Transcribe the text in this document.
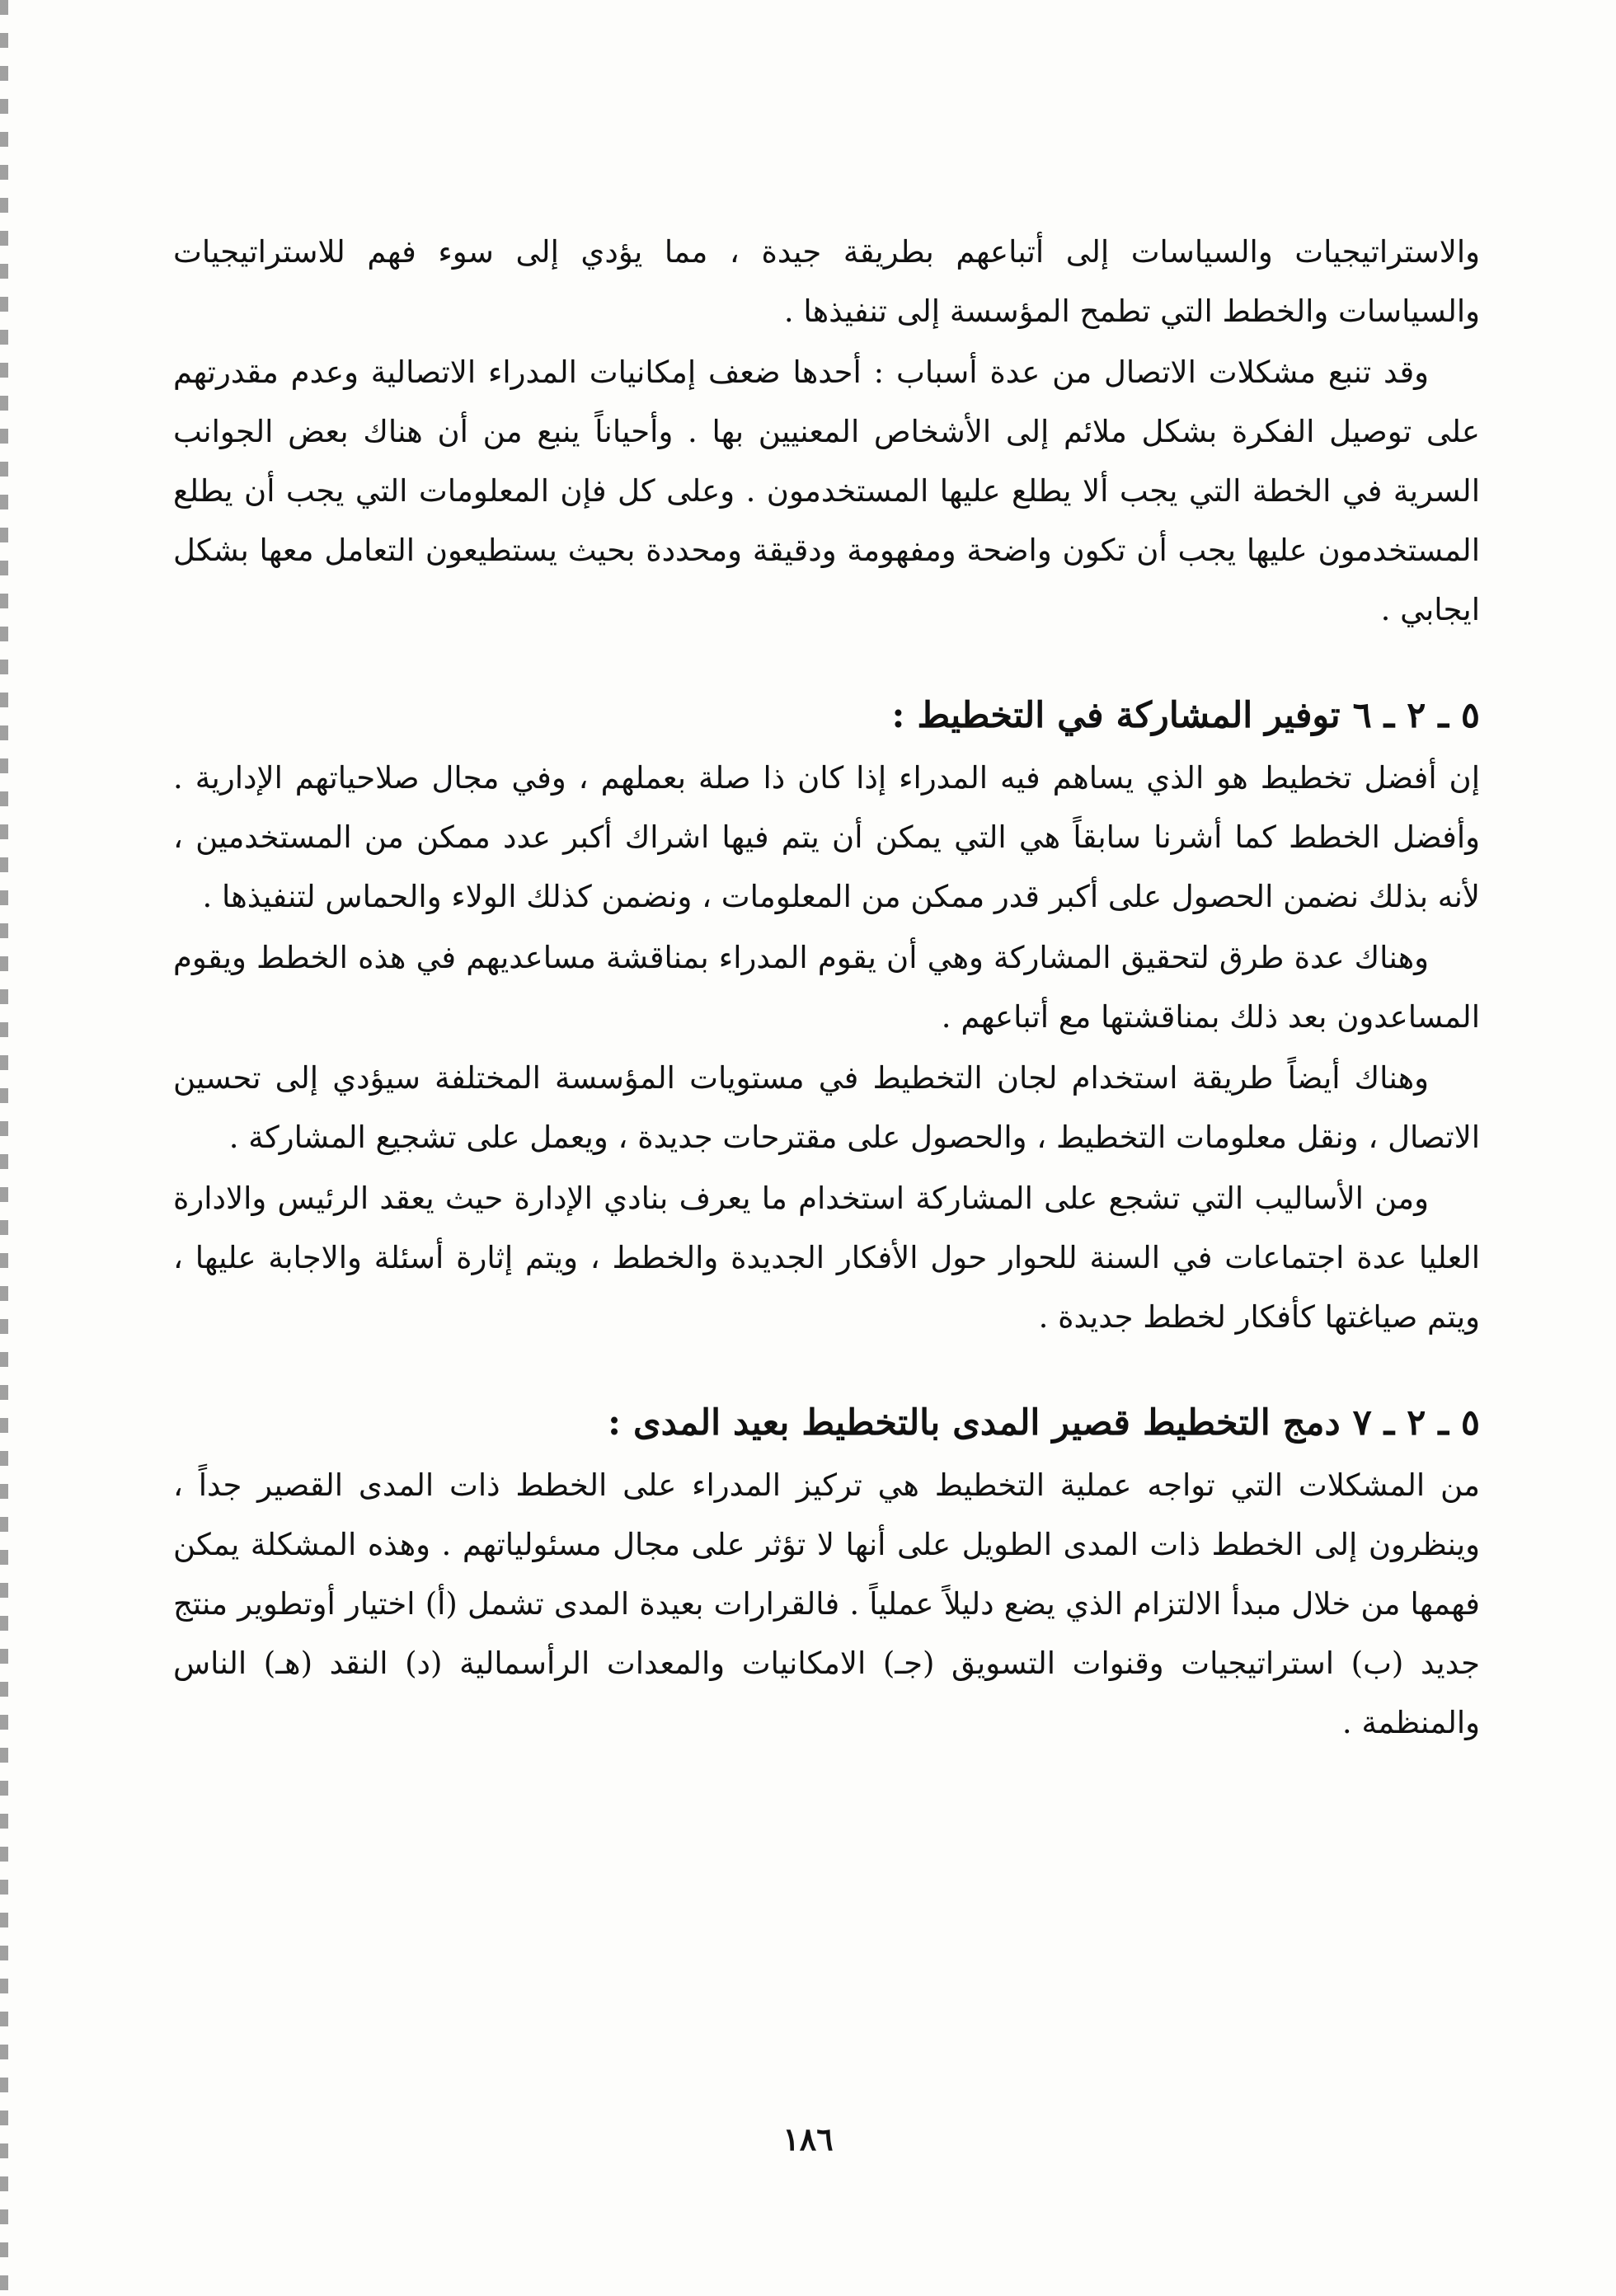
والاستراتيجيات والسياسات إلى أتباعهم بطريقة جيدة ، مما يؤدي إلى سوء فهم للاستراتيجيات والسياسات والخطط التي تطمح المؤسسة إلى تنفيذها .

وقد تنبع مشكلات الاتصال من عدة أسباب : أحدها ضعف إمكانيات المدراء الاتصالية وعدم مقدرتهم على توصيل الفكرة بشكل ملائم إلى الأشخاص المعنيين بها . وأحياناً ينبع من أن هناك بعض الجوانب السرية في الخطة التي يجب ألا يطلع عليها المستخدمون . وعلى كل فإن المعلومات التي يجب أن يطلع المستخدمون عليها يجب أن تكون واضحة ومفهومة ودقيقة ومحددة بحيث يستطيعون التعامل معها بشكل ايجابي .

٥ ـ ٢ ـ ٦ توفير المشاركة في التخطيط :

إن أفضل تخطيط هو الذي يساهم فيه المدراء إذا كان ذا صلة بعملهم ، وفي مجال صلاحياتهم الإدارية . وأفضل الخطط كما أشرنا سابقاً هي التي يمكن أن يتم فيها اشراك أكبر عدد ممكن من المستخدمين ، لأنه بذلك نضمن الحصول على أكبر قدر ممكن من المعلومات ، ونضمن كذلك الولاء والحماس لتنفيذها .

وهناك عدة طرق لتحقيق المشاركة وهي أن يقوم المدراء بمناقشة مساعديهم في هذه الخطط ويقوم المساعدون بعد ذلك بمناقشتها مع أتباعهم .

وهناك أيضاً طريقة استخدام لجان التخطيط في مستويات المؤسسة المختلفة سيؤدي إلى تحسين الاتصال ، ونقل معلومات التخطيط ، والحصول على مقترحات جديدة ، ويعمل على تشجيع المشاركة .

ومن الأساليب التي تشجع على المشاركة استخدام ما يعرف بنادي الإدارة حيث يعقد الرئيس والادارة العليا عدة اجتماعات في السنة للحوار حول الأفكار الجديدة والخطط ، ويتم إثارة أسئلة والاجابة عليها ، ويتم صياغتها كأفكار لخطط جديدة .

٥ ـ ٢ ـ ٧ دمج التخطيط قصير المدى بالتخطيط بعيد المدى :

من المشكلات التي تواجه عملية التخطيط هي تركيز المدراء على الخطط ذات المدى القصير جداً ، وينظرون إلى الخطط ذات المدى الطويل على أنها لا تؤثر على مجال مسئولياتهم . وهذه المشكلة يمكن فهمها من خلال مبدأ الالتزام الذي يضع دليلاً عملياً . فالقرارات بعيدة المدى تشمل (أ) اختيار أوتطوير منتج جديد (ب) استراتيجيات وقنوات التسويق (جـ) الامكانيات والمعدات الرأسمالية (د) النقد (هـ) الناس والمنظمة .

١٨٦
